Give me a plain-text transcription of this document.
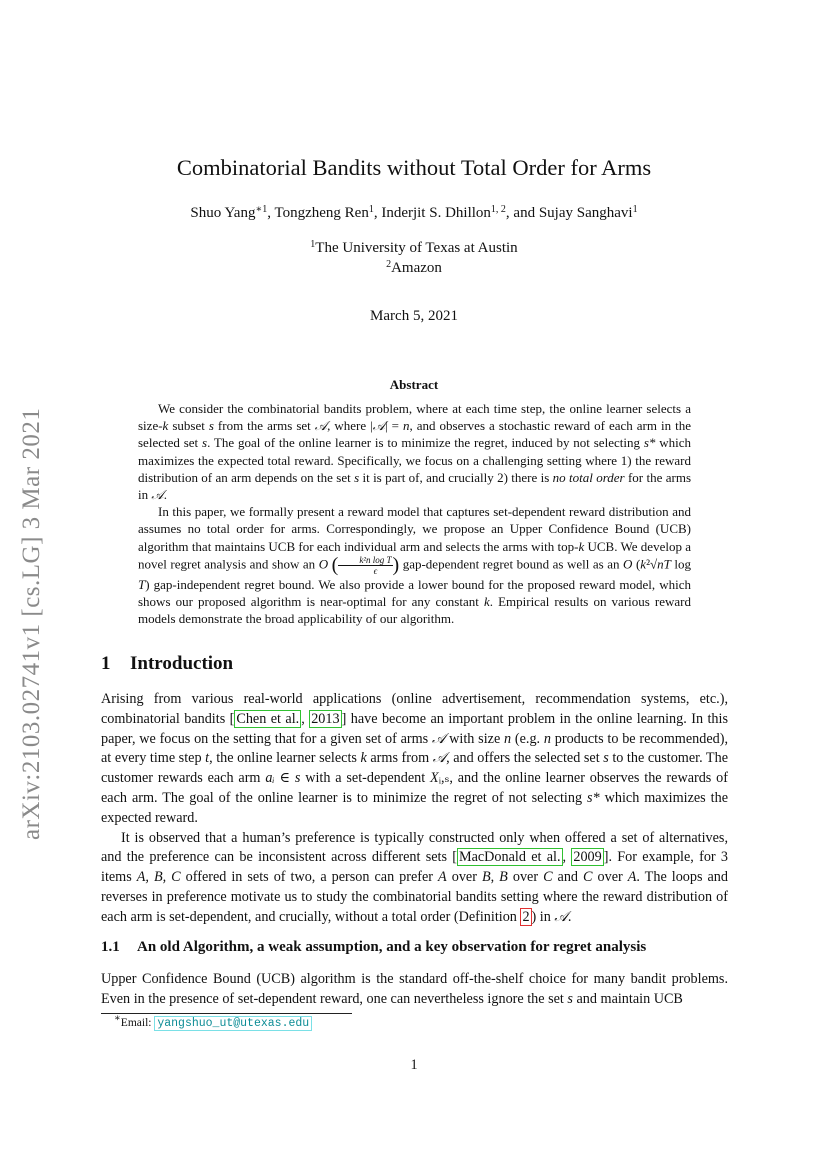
arXiv:2103.02741v1 [cs.LG] 3 Mar 2021
Combinatorial Bandits without Total Order for Arms
Shuo Yang$^{∗1}$, Tongzheng Ren$^1$, Inderjit S. Dhillon$^{1, 2}$, and Sujay Sanghavi$^1$
$^1$The University of Texas at Austin
$^2$Amazon
March 5, 2021
Abstract

We consider the combinatorial bandits problem, where at each time step, the online learner selects a size-k subset s from the arms set 𝒜, where |𝒜| = n, and observes a stochastic reward of each arm in the selected set s. The goal of the online learner is to minimize the regret, induced by not selecting s* which maximizes the expected total reward. Specifically, we focus on a challenging setting where 1) the reward distribution of an arm depends on the set s it is part of, and crucially 2) there is no total order for the arms in 𝒜.

In this paper, we formally present a reward model that captures set-dependent reward distribution and assumes no total order for arms. Correspondingly, we propose an Upper Confidence Bound (UCB) algorithm that maintains UCB for each individual arm and selects the arms with top-k UCB. We develop a novel regret analysis and show an O ( $\frac{\text{k²n log T}}{\epsilon}$ ) gap-dependent regret bound as well as an O (k²√nT log T) gap-independent regret bound. We also provide a lower bound for the proposed reward model, which shows our proposed algorithm is near-optimal for any constant k. Empirical results on various reward models demonstrate the broad applicability of our algorithm.

1 Introduction

Arising from various real-world applications (online advertisement, recommendation systems, etc.), combinatorial bandits [ Chen et al. , 2013 ] have become an important problem in the online learning. In this paper, we focus on the setting that for a given set of arms 𝒜 with size n (e.g. n products to be recommended), at every time step t, the online learner selects k arms from 𝒜, and offers the selected set s to the customer. The customer rewards each arm aᵢ ∈ s with a set-dependent Xᵢ,ₛ, and the online learner observes the rewards of each arm. The goal of the online learner is to minimize the regret of not selecting s* which maximizes the expected reward.

It is observed that a human’s preference is typically constructed only when offered a set of alternatives, and the preference can be inconsistent across different sets [ MacDonald et al. , 2009 ]. For example, for 3 items A, B, C offered in sets of two, a person can prefer A over B, B over C and C over A. The loops and reverses in preference motivate us to study the combinatorial bandits setting where the reward distribution of each arm is set-dependent, and crucially, without a total order (Definition 2 ) in 𝒜.

1.1 An old Algorithm, a weak assumption, and a key observation for regret analysis

Upper Confidence Bound (UCB) algorithm is the standard off-the-shelf choice for many bandit problems. Even in the presence of set-dependent reward, one can nevertheless ignore the set s and maintain UCB

∗Email: yangshuo_ut@utexas.edu
1
